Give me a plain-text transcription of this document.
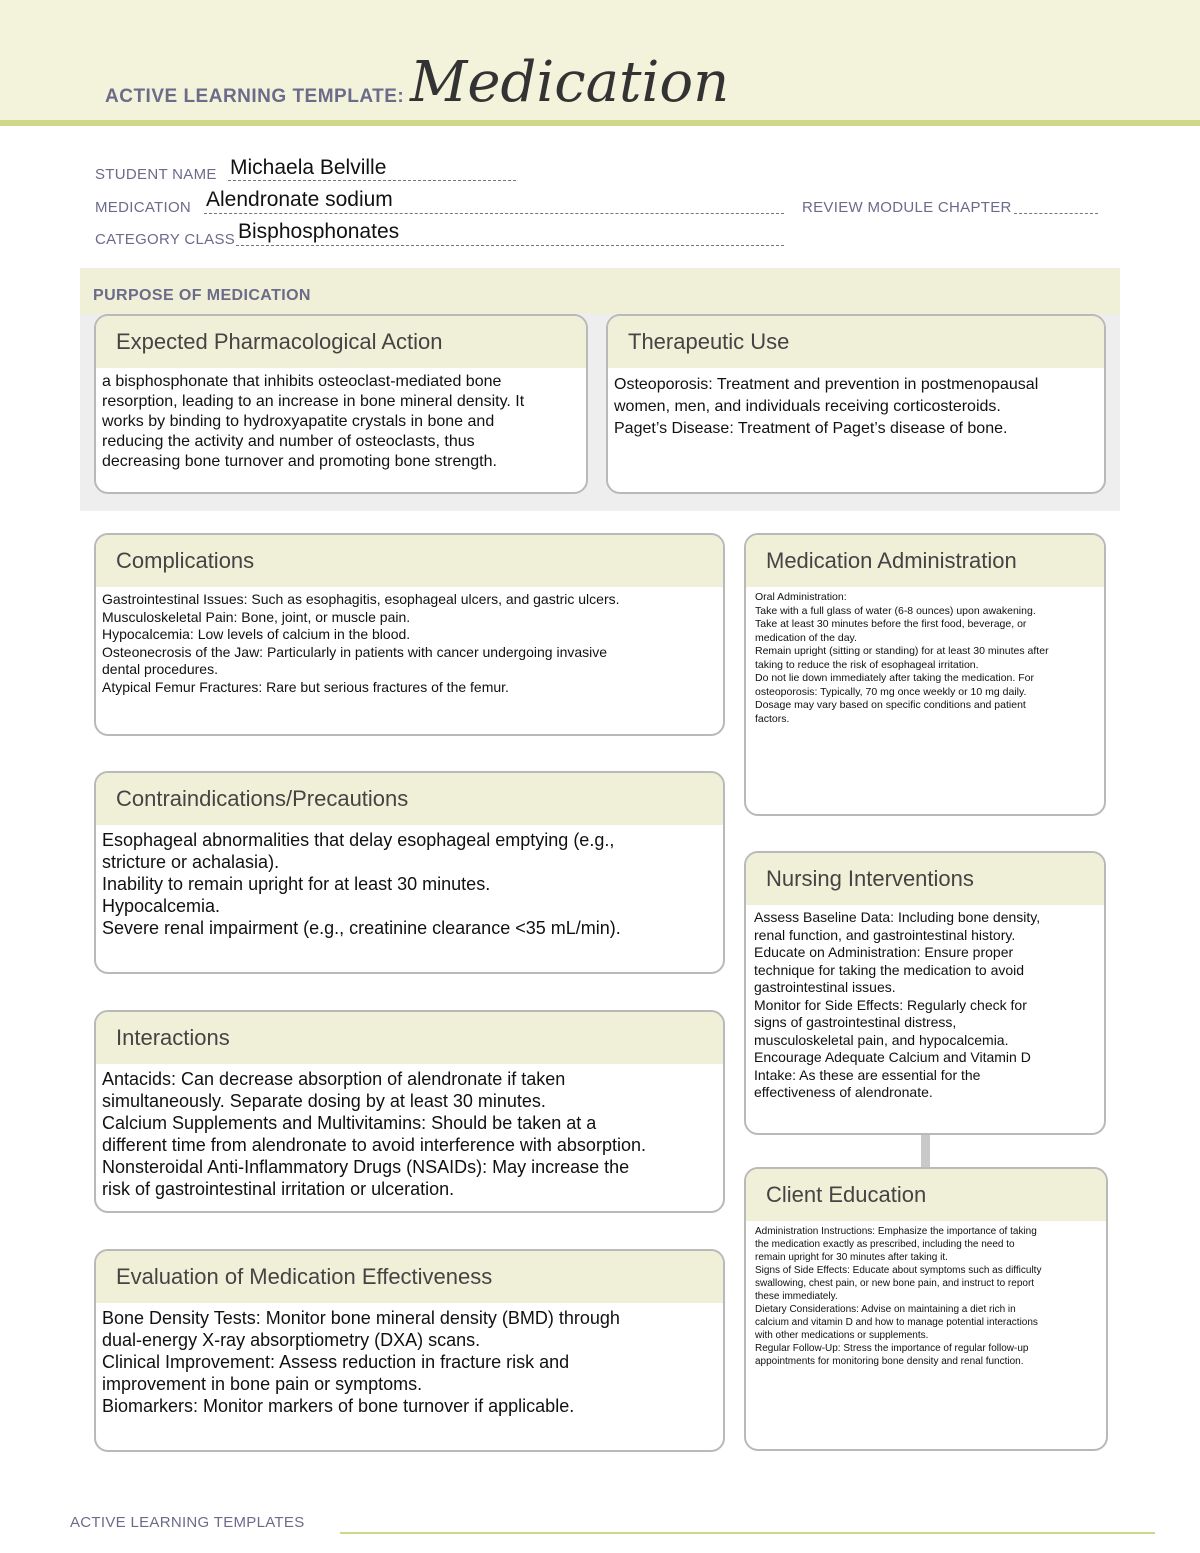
ACTIVE LEARNING TEMPLATE: Medication
STUDENT NAME Michaela Belville
MEDICATION Alendronate sodium	REVIEW MODULE CHAPTER
CATEGORY CLASS Bisphosphonates
PURPOSE OF MEDICATION
Expected Pharmacological Action
a bisphosphonate that inhibits osteoclast-mediated bone
resorption, leading to an increase in bone mineral density. It
works by binding to hydroxyapatite crystals in bone and
reducing the activity and number of osteoclasts, thus
decreasing bone turnover and promoting bone strength.
Therapeutic Use
Osteoporosis: Treatment and prevention in postmenopausal
women, men, and individuals receiving corticosteroids.
Paget’s Disease: Treatment of Paget’s disease of bone.
Complications
Gastrointestinal Issues: Such as esophagitis, esophageal ulcers, and gastric ulcers.
Musculoskeletal Pain: Bone, joint, or muscle pain.
Hypocalcemia: Low levels of calcium in the blood.
Osteonecrosis of the Jaw: Particularly in patients with cancer undergoing invasive
dental procedures.
Atypical Femur Fractures: Rare but serious fractures of the femur.
Medication Administration
Oral Administration:
Take with a full glass of water (6-8 ounces) upon awakening.
Take at least 30 minutes before the first food, beverage, or
medication of the day.
Remain upright (sitting or standing) for at least 30 minutes after
taking to reduce the risk of esophageal irritation.
Do not lie down immediately after taking the medication. For
osteoporosis: Typically, 70 mg once weekly or 10 mg daily.
Dosage may vary based on specific conditions and patient
factors.
Contraindications/Precautions
Esophageal abnormalities that delay esophageal emptying (e.g.,
stricture or achalasia).
Inability to remain upright for at least 30 minutes.
Hypocalcemia.
Severe renal impairment (e.g., creatinine clearance <35 mL/min).
Nursing Interventions
Assess Baseline Data: Including bone density,
renal function, and gastrointestinal history.
Educate on Administration: Ensure proper
technique for taking the medication to avoid
gastrointestinal issues.
Monitor for Side Effects: Regularly check for
signs of gastrointestinal distress,
musculoskeletal pain, and hypocalcemia.
Encourage Adequate Calcium and Vitamin D
Intake: As these are essential for the
effectiveness of alendronate.
Interactions
Antacids: Can decrease absorption of alendronate if taken
simultaneously. Separate dosing by at least 30 minutes.
Calcium Supplements and Multivitamins: Should be taken at a
different time from alendronate to avoid interference with absorption.
Nonsteroidal Anti-Inflammatory Drugs (NSAIDs): May increase the
risk of gastrointestinal irritation or ulceration.	Client Education
Administration Instructions: Emphasize the importance of taking
the medication exactly as prescribed, including the need to
remain upright for 30 minutes after taking it.
Signs of Side Effects: Educate about symptoms such as difficulty
swallowing, chest pain, or new bone pain, and instruct to report
these immediately.
Dietary Considerations: Advise on maintaining a diet rich in
calcium and vitamin D and how to manage potential interactions
with other medications or supplements.
Regular Follow-Up: Stress the importance of regular follow-up
appointments for monitoring bone density and renal function.
Evaluation of Medication Effectiveness
Bone Density Tests: Monitor bone mineral density (BMD) through
dual-energy X-ray absorptiometry (DXA) scans.
Clinical Improvement: Assess reduction in fracture risk and
improvement in bone pain or symptoms.
Biomarkers: Monitor markers of bone turnover if applicable.
ACTIVE LEARNING TEMPLATES
